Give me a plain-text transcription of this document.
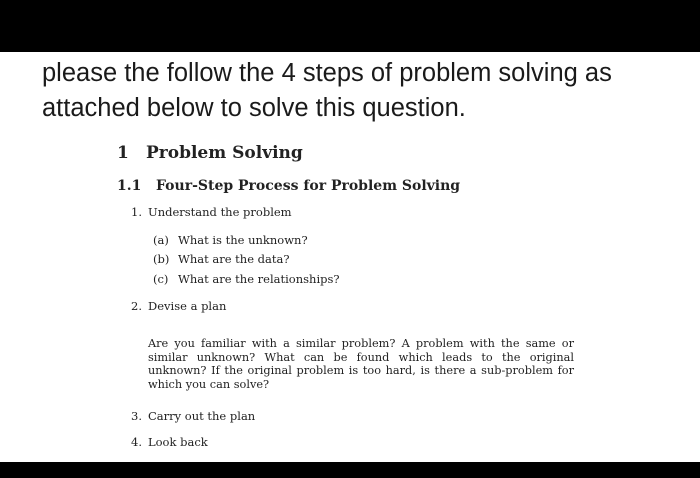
please the follow the 4 steps of problem solving as attached below to solve this question.

1 Problem Solving
1.1 Four-Step Process for Problem Solving
1. Understand the problem
(a) What is the unknown?
(b) What are the data?
(c) What are the relationships?
2. Devise a plan

Are you familiar with a similar problem? A problem with the same or similar unknown? What can be found which leads to the original unknown? If the original problem is too hard, is there a sub-problem for which you can solve?

3. Carry out the plan
4. Look back
